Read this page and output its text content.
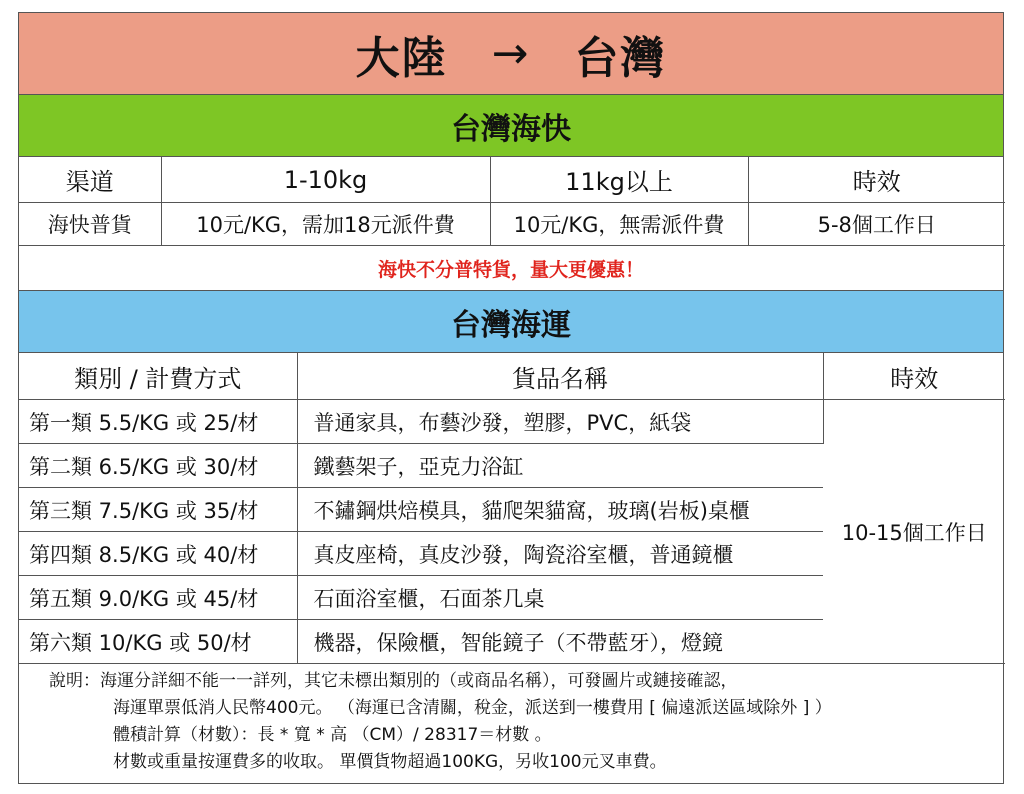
大陸 → 台灣
台灣海快
渠道	1-10kg	11kg以上	時效
海快普貨	10元/KG，需加18元派件費	10元/KG，無需派件費	5-8個工作日
海快不分普特貨，量大更優惠！
台灣海運
類別 / 計費方式	貨品名稱	時效
第一類 5.5/KG 或 25/材	普通家具，布藝沙發，塑膠，PVC，紙袋	10-15個工作日
第二類 6.5/KG 或 30/材	鐵藝架子，亞克力浴缸	
第三類 7.5/KG 或 35/材	不鏽鋼烘焙模具，貓爬架貓窩，玻璃(岩板)桌櫃	
第四類 8.5/KG 或 40/材	真皮座椅，真皮沙發，陶瓷浴室櫃，普通鏡櫃	
第五類 9.0/KG 或 45/材	石面浴室櫃，石面茶几桌	
第六類 10/KG 或 50/材	機器，保險櫃，智能鏡子（不帶藍牙），燈鏡	
說明：海運分詳細不能一一詳列，其它未標出類別的（或商品名稱），可發圖片或鏈接確認，
海運單票低消人民幣400元。 （海運已含清關，稅金，派送到一樓費用 [ 偏遠派送區域除外 ] ）
體積計算（材數）：長 * 寬 * 高 （CM）/ 28317＝材數 。
材數或重量按運費多的收取。 單價貨物超過100KG，另收100元叉車費。
